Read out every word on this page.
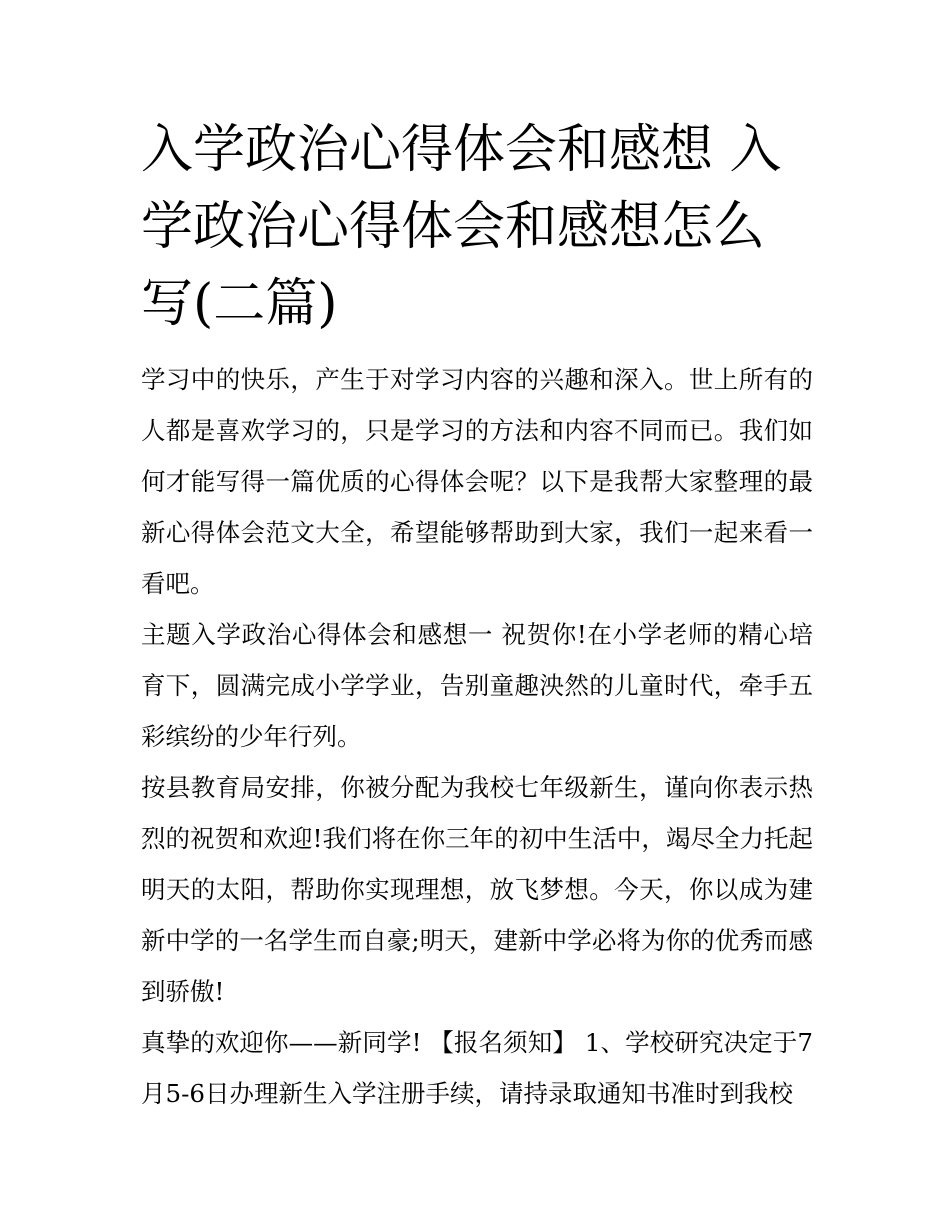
入学政治心得体会和感想 入学政治心得体会和感想怎么写(二篇)

学习中的快乐，产生于对学习内容的兴趣和深入。世上所有的人都是喜欢学习的，只是学习的方法和内容不同而已。我们如何才能写得一篇优质的心得体会呢？以下是我帮大家整理的最新心得体会范文大全，希望能够帮助到大家，我们一起来看一看吧。

主题入学政治心得体会和感想一 祝贺你!在小学老师的精心培育下，圆满完成小学学业，告别童趣泱然的儿童时代，牵手五彩缤纷的少年行列。

按县教育局安排，你被分配为我校七年级新生，谨向你表示热烈的祝贺和欢迎!我们将在你三年的初中生活中，竭尽全力托起明天的太阳，帮助你实现理想，放飞梦想。今天，你以成为建新中学的一名学生而自豪;明天，建新中学必将为你的优秀而感到骄傲!

真挚的欢迎你——新同学! 【报名须知】 1、学校研究决定于7月5-6日办理新生入学注册手续，请持录取通知书准时到我校
